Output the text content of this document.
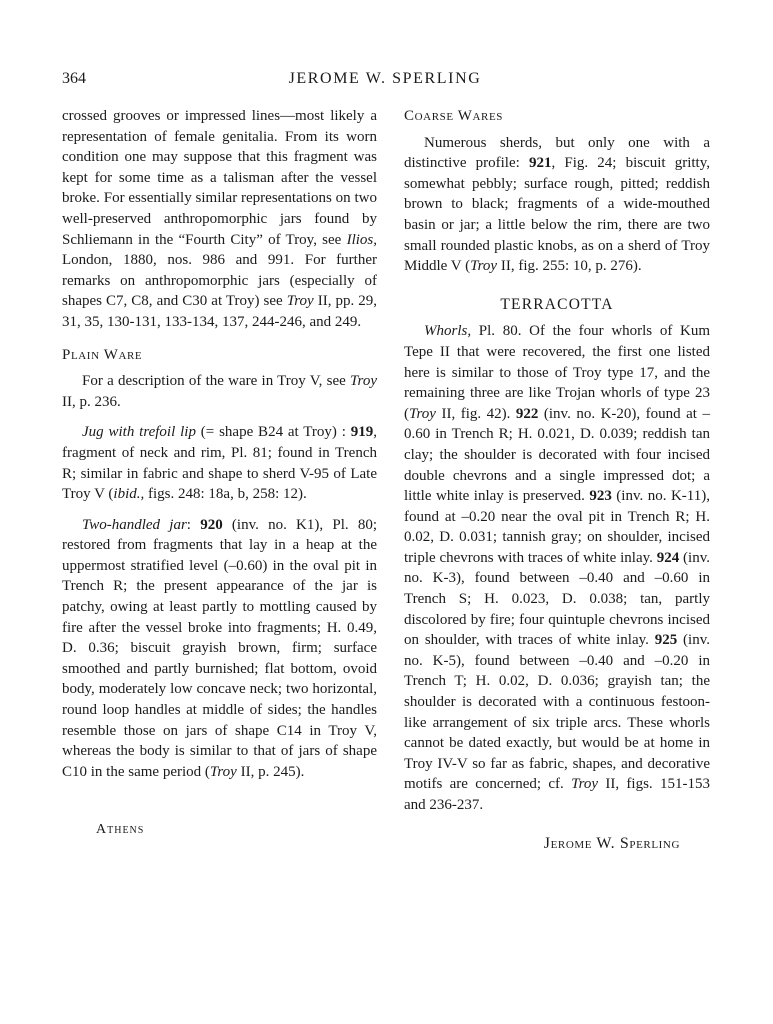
364	JEROME W. SPERLING

crossed grooves or impressed lines—most likely a representation of female genitalia. From its worn condition one may suppose that this fragment was kept for some time as a talisman after the vessel broke. For essentially similar representations on two well-preserved anthropomorphic jars found by Schliemann in the “Fourth City” of Troy, see Ilios, London, 1880, nos. 986 and 991. For further remarks on anthropomorphic jars (especially of shapes C7, C8, and C30 at Troy) see Troy II, pp. 29, 31, 35, 130-131, 133-134, 137, 244-246, and 249.

Plain Ware

For a description of the ware in Troy V, see Troy II, p. 236.

Jug with trefoil lip (= shape B24 at Troy) : 919, fragment of neck and rim, Pl. 81; found in Trench R; similar in fabric and shape to sherd V-95 of Late Troy V (ibid., figs. 248: 18a, b, 258: 12).

Two-handled jar: 920 (inv. no. K1), Pl. 80; restored from fragments that lay in a heap at the uppermost stratified level (–0.60) in the oval pit in Trench R; the present appearance of the jar is patchy, owing at least partly to mottling caused by fire after the vessel broke into fragments; H. 0.49, D. 0.36; biscuit grayish brown, firm; surface smoothed and partly burnished; flat bottom, ovoid body, moderately low concave neck; two horizontal, round loop handles at middle of sides; the handles resemble those on jars of shape C14 in Troy V, whereas the body is similar to that of jars of shape C10 in the same period (Troy II, p. 245).

Coarse Wares

Numerous sherds, but only one with a distinctive profile: 921, Fig. 24; biscuit gritty, somewhat pebbly; surface rough, pitted; reddish brown to black; fragments of a wide-mouthed basin or jar; a little below the rim, there are two small rounded plastic knobs, as on a sherd of Troy Middle V (Troy II, fig. 255: 10, p. 276).

TERRACOTTA

Whorls, Pl. 80. Of the four whorls of Kum Tepe II that were recovered, the first one listed here is similar to those of Troy type 17, and the remaining three are like Trojan whorls of type 23 (Troy II, fig. 42). 922 (inv. no. K-20), found at –0.60 in Trench R; H. 0.021, D. 0.039; reddish tan clay; the shoulder is decorated with four incised double chevrons and a single impressed dot; a little white inlay is preserved. 923 (inv. no. K-11), found at –0.20 near the oval pit in Trench R; H. 0.02, D. 0.031; tannish gray; on shoulder, incised triple chevrons with traces of white inlay. 924 (inv. no. K-3), found between –0.40 and –0.60 in Trench S; H. 0.023, D. 0.038; tan, partly discolored by fire; four quintuple chevrons incised on shoulder, with traces of white inlay. 925 (inv. no. K-5), found between –0.40 and –0.20 in Trench T; H. 0.02, D. 0.036; grayish tan; the shoulder is decorated with a continuous festoon-like arrangement of six triple arcs. These whorls cannot be dated exactly, but would be at home in Troy IV-V so far as fabric, shapes, and decorative motifs are concerned; cf. Troy II, figs. 151-153 and 236-237.

Jerome W. Sperling
Athens
